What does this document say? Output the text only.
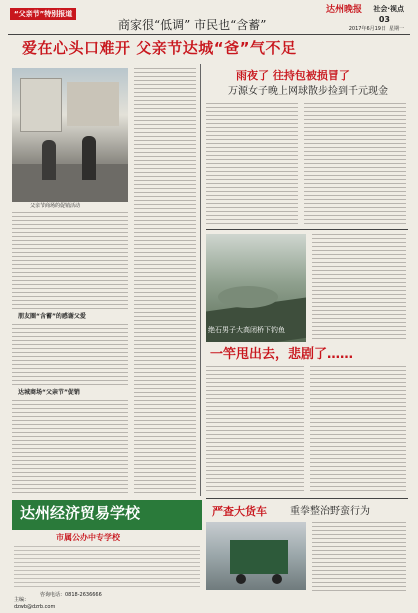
“父亲节”特别报道	达州晚报 社会·视点
03
2017年6月19日 星期一
商家很“低调” 市民也“含蓄”
爱在心头口难开 父亲节达城“爸”气不足
父亲节商场的促销活动
朋友圈“含蓄”的感谢父爱
达城商场“父亲节”促销
雨夜了 往持包被损冒了
万源女子晚上网球散步捡到千元现金
绝石男子大高闭桥下钓鱼
一竿甩出去，悲剧了……
达州经济贸易学校
市属公办中专学校
咨询电话：0818-2636666
严查大货车 重拳整治野蛮行为
主编：
dzwb@dzrb.com
